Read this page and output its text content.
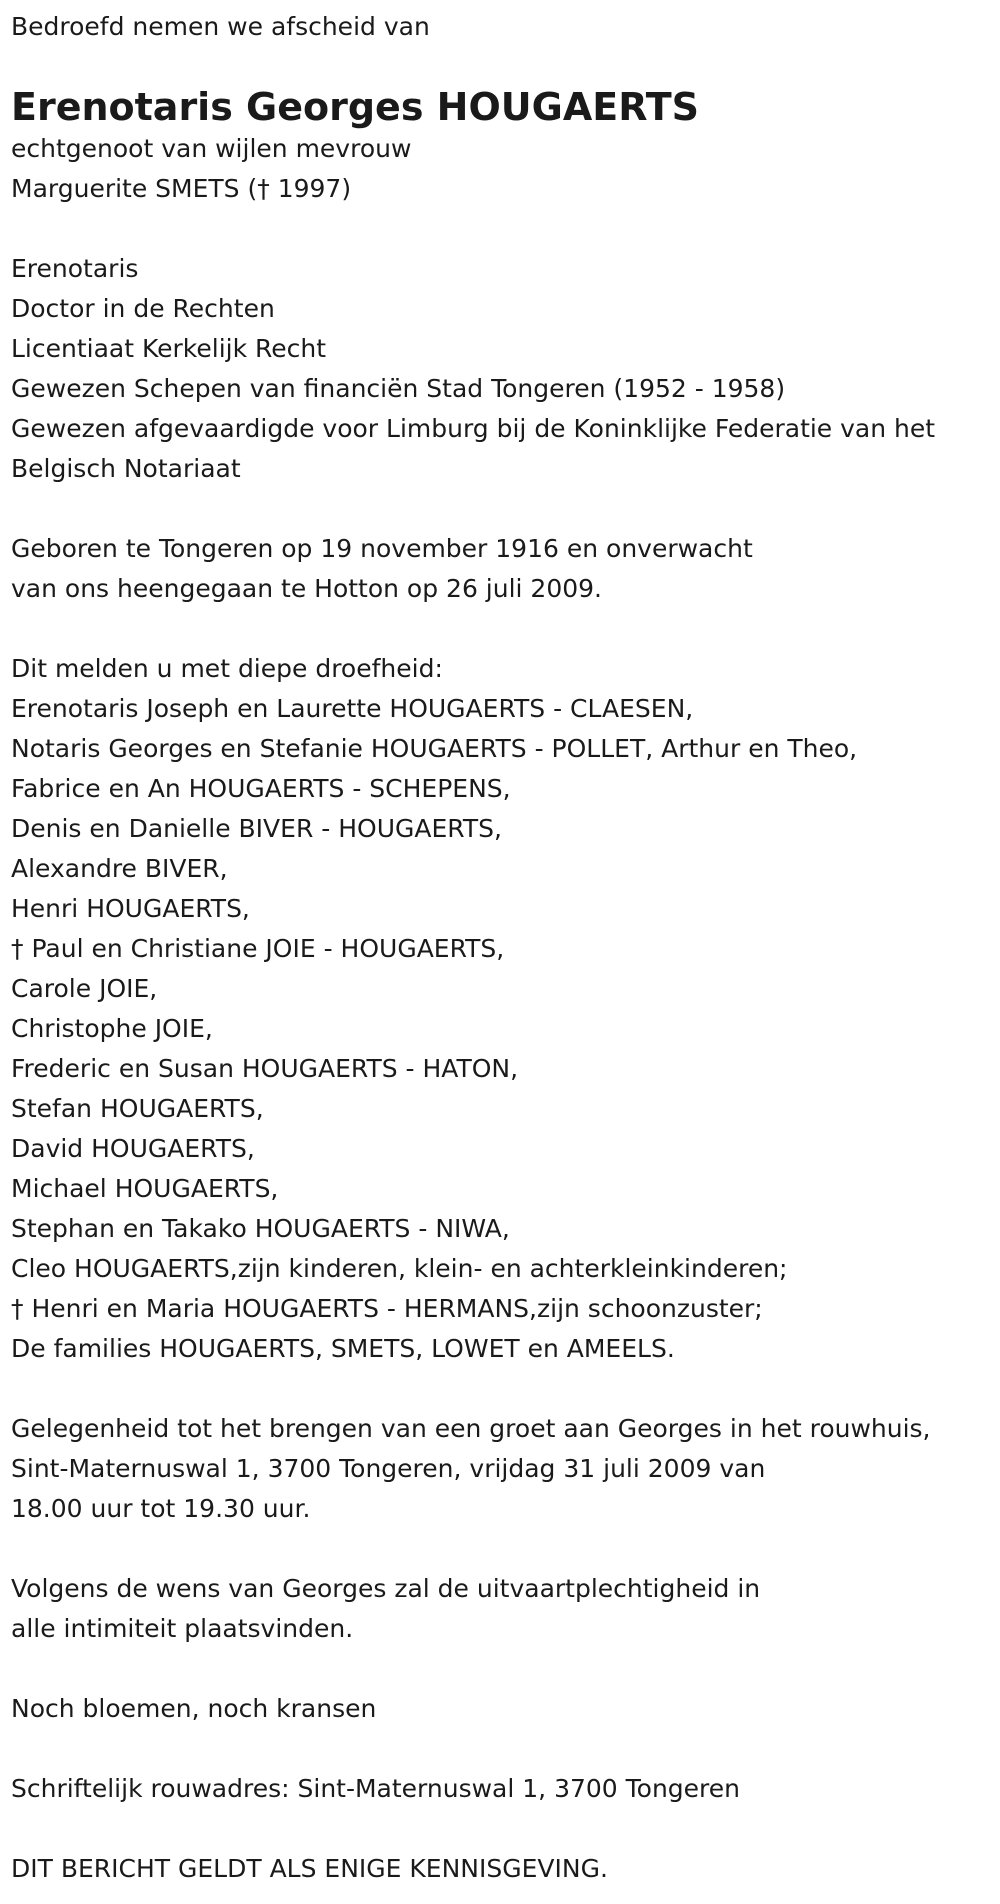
Bedroefd nemen we afscheid van
Erenotaris Georges HOUGAERTS
echtgenoot van wijlen mevrouw
Marguerite SMETS († 1997)
Erenotaris
Doctor in de Rechten
Licentiaat Kerkelijk Recht
Gewezen Schepen van financiën Stad Tongeren (1952 - 1958)
Gewezen afgevaardigde voor Limburg bij de Koninklijke Federatie van het
Belgisch Notariaat
Geboren te Tongeren op 19 november 1916 en onverwacht
van ons heengegaan te Hotton op 26 juli 2009.
Dit melden u met diepe droefheid:
Erenotaris Joseph en Laurette HOUGAERTS - CLAESEN,
Notaris Georges en Stefanie HOUGAERTS - POLLET, Arthur en Theo,
Fabrice en An HOUGAERTS - SCHEPENS,
Denis en Danielle BIVER - HOUGAERTS,
Alexandre BIVER,
Henri HOUGAERTS,
† Paul en Christiane JOIE - HOUGAERTS,
Carole JOIE,
Christophe JOIE,
Frederic en Susan HOUGAERTS - HATON,
Stefan HOUGAERTS,
David HOUGAERTS,
Michael HOUGAERTS,
Stephan en Takako HOUGAERTS - NIWA,
Cleo HOUGAERTS,zijn kinderen, klein- en achterkleinkinderen;
† Henri en Maria HOUGAERTS - HERMANS,zijn schoonzuster;
De families HOUGAERTS, SMETS, LOWET en AMEELS.
Gelegenheid tot het brengen van een groet aan Georges in het rouwhuis,
Sint-Maternuswal 1, 3700 Tongeren, vrijdag 31 juli 2009 van
18.00 uur tot 19.30 uur.
Volgens de wens van Georges zal de uitvaartplechtigheid in
alle intimiteit plaatsvinden.
Noch bloemen, noch kransen
Schriftelijk rouwadres: Sint-Maternuswal 1, 3700 Tongeren
DIT BERICHT GELDT ALS ENIGE KENNISGEVING.
